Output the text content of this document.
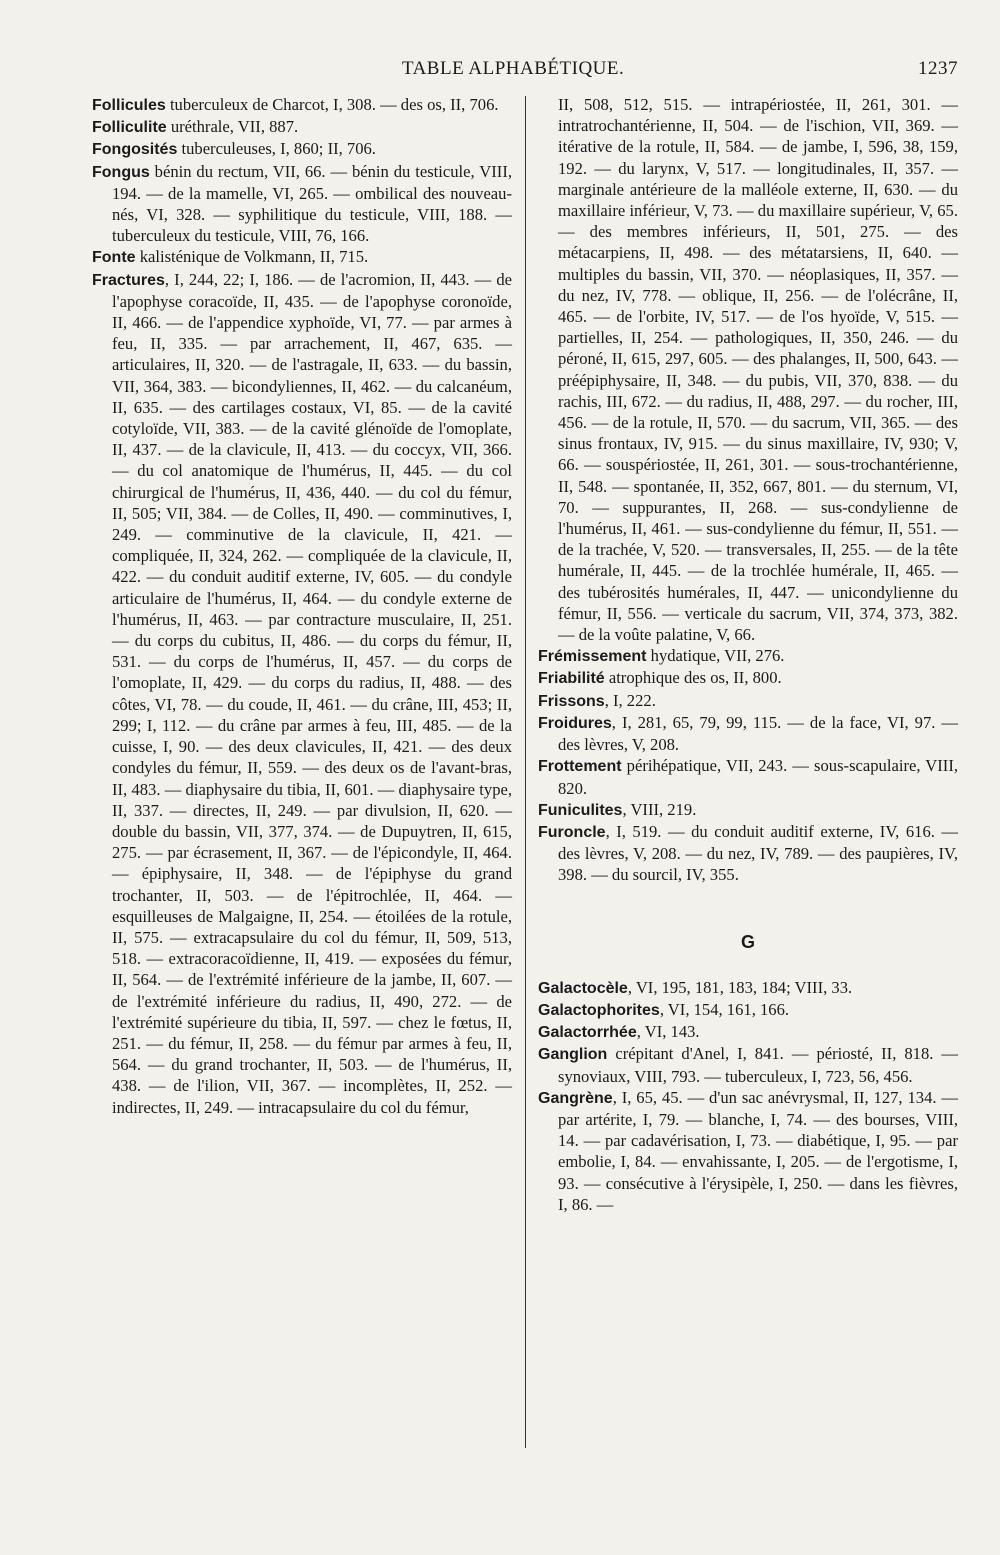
TABLE ALPHABÉTIQUE.	1237

Follicules tuberculeux de Charcot, I, 308. — des os, II, 706.

Folliculite uréthrale, VII, 887.

Fongosités tuberculeuses, I, 860; II, 706.

Fongus bénin du rectum, VII, 66. — bénin du testicule, VIII, 194. — de la mamelle, VI, 265. — ombilical des nouveau-nés, VI, 328. — syphilitique du testicule, VIII, 188. — tuberculeux du testicule, VIII, 76, 166.

Fonte kalisténique de Volkmann, II, 715.

Fractures, I, 244, 22; I, 186. — de l'acromion, II, 443. — de l'apophyse coracoïde, II, 435. — de l'apophyse coronoïde, II, 466. — de l'appendice xyphoïde, VI, 77. — par armes à feu, II, 335. — par arrachement, II, 467, 635. — articulaires, II, 320. — de l'astragale, II, 633. — du bassin, VII, 364, 383. — bicondyliennes, II, 462. — du calcanéum, II, 635. — des cartilages costaux, VI, 85. — de la cavité cotyloïde, VII, 383. — de la cavité glénoïde de l'omoplate, II, 437. — de la clavicule, II, 413. — du coccyx, VII, 366. — du col anatomique de l'humérus, II, 445. — du col chirurgical de l'humérus, II, 436, 440. — du col du fémur, II, 505; VII, 384. — de Colles, II, 490. — comminutives, I, 249. — comminutive de la clavicule, II, 421. — compliquée, II, 324, 262. — compliquée de la clavicule, II, 422. — du conduit auditif externe, IV, 605. — du condyle articulaire de l'humérus, II, 464. — du condyle externe de l'humérus, II, 463. — par contracture musculaire, II, 251. — du corps du cubitus, II, 486. — du corps du fémur, II, 531. — du corps de l'humérus, II, 457. — du corps de l'omoplate, II, 429. — du corps du radius, II, 488. — des côtes, VI, 78. — du coude, II, 461. — du crâne, III, 453; II, 299; I, 112. — du crâne par armes à feu, III, 485. — de la cuisse, I, 90. — des deux clavicules, II, 421. — des deux condyles du fémur, II, 559. — des deux os de l'avant-bras, II, 483. — diaphysaire du tibia, II, 601. — diaphysaire type, II, 337. — directes, II, 249. — par divulsion, II, 620. — double du bassin, VII, 377, 374. — de Dupuytren, II, 615, 275. — par écrasement, II, 367. — de l'épicondyle, II, 464. — épiphysaire, II, 348. — de l'épiphyse du grand trochanter, II, 503. — de l'épitrochlée, II, 464. — esquilleuses de Malgaigne, II, 254. — étoilées de la rotule, II, 575. — extracapsulaire du col du fémur, II, 509, 513, 518. — extracoracoïdienne, II, 419. — exposées du fémur, II, 564. — de l'extrémité inférieure de la jambe, II, 607. — de l'extrémité inférieure du radius, II, 490, 272. — de l'extrémité supérieure du tibia, II, 597. — chez le fœtus, II, 251. — du fémur, II, 258. — du fémur par armes à feu, II, 564. — du grand trochanter, II, 503. — de l'humérus, II, 438. — de l'ilion, VII, 367. — incomplètes, II, 252. — indirectes, II, 249. — intracapsulaire du col du fémur,

II, 508, 512, 515. — intrapériostée, II, 261, 301. — intratrochantérienne, II, 504. — de l'ischion, VII, 369. — itérative de la rotule, II, 584. — de jambe, I, 596, 38, 159, 192. — du larynx, V, 517. — longitudinales, II, 357. — marginale antérieure de la malléole externe, II, 630. — du maxillaire inférieur, V, 73. — du maxillaire supérieur, V, 65. — des membres inférieurs, II, 501, 275. — des métacarpiens, II, 498. — des métatarsiens, II, 640. — multiples du bassin, VII, 370. — néoplasiques, II, 357. — du nez, IV, 778. — oblique, II, 256. — de l'olécrâne, II, 465. — de l'orbite, IV, 517. — de l'os hyoïde, V, 515. — partielles, II, 254. — pathologiques, II, 350, 246. — du péroné, II, 615, 297, 605. — des phalanges, II, 500, 643. — préépiphysaire, II, 348. — du pubis, VII, 370, 838. — du rachis, III, 672. — du radius, II, 488, 297. — du rocher, III, 456. — de la rotule, II, 570. — du sacrum, VII, 365. — des sinus frontaux, IV, 915. — du sinus maxillaire, IV, 930; V, 66. — souspériostée, II, 261, 301. — sous-trochantérienne, II, 548. — spontanée, II, 352, 667, 801. — du sternum, VI, 70. — suppurantes, II, 268. — sus-condylienne de l'humérus, II, 461. — sus-condylienne du fémur, II, 551. — de la trachée, V, 520. — transversales, II, 255. — de la tête humérale, II, 445. — de la trochlée humérale, II, 465. — des tubérosités humérales, II, 447. — unicondylienne du fémur, II, 556. — verticale du sacrum, VII, 374, 373, 382. — de la voûte palatine, V, 66.

Frémissement hydatique, VII, 276.

Friabilité atrophique des os, II, 800.

Frissons, I, 222.

Froidures, I, 281, 65, 79, 99, 115. — de la face, VI, 97. — des lèvres, V, 208.

Frottement périhépatique, VII, 243. — sous-scapulaire, VIII, 820.

Funiculites, VIII, 219.

Furoncle, I, 519. — du conduit auditif externe, IV, 616. — des lèvres, V, 208. — du nez, IV, 789. — des paupières, IV, 398. — du sourcil, IV, 355.

G

Galactocèle, VI, 195, 181, 183, 184; VIII, 33.

Galactophorites, VI, 154, 161, 166.

Galactorrhée, VI, 143.

Ganglion crépitant d'Anel, I, 841. — périosté, II, 818. — synoviaux, VIII, 793. — tuberculeux, I, 723, 56, 456.

Gangrène, I, 65, 45. — d'un sac anévrysmal, II, 127, 134. — par artérite, I, 79. — blanche, I, 74. — des bourses, VIII, 14. — par cadavérisation, I, 73. — diabétique, I, 95. — par embolie, I, 84. — envahissante, I, 205. — de l'ergotisme, I, 93. — consécutive à l'érysipèle, I, 250. — dans les fièvres, I, 86. —
